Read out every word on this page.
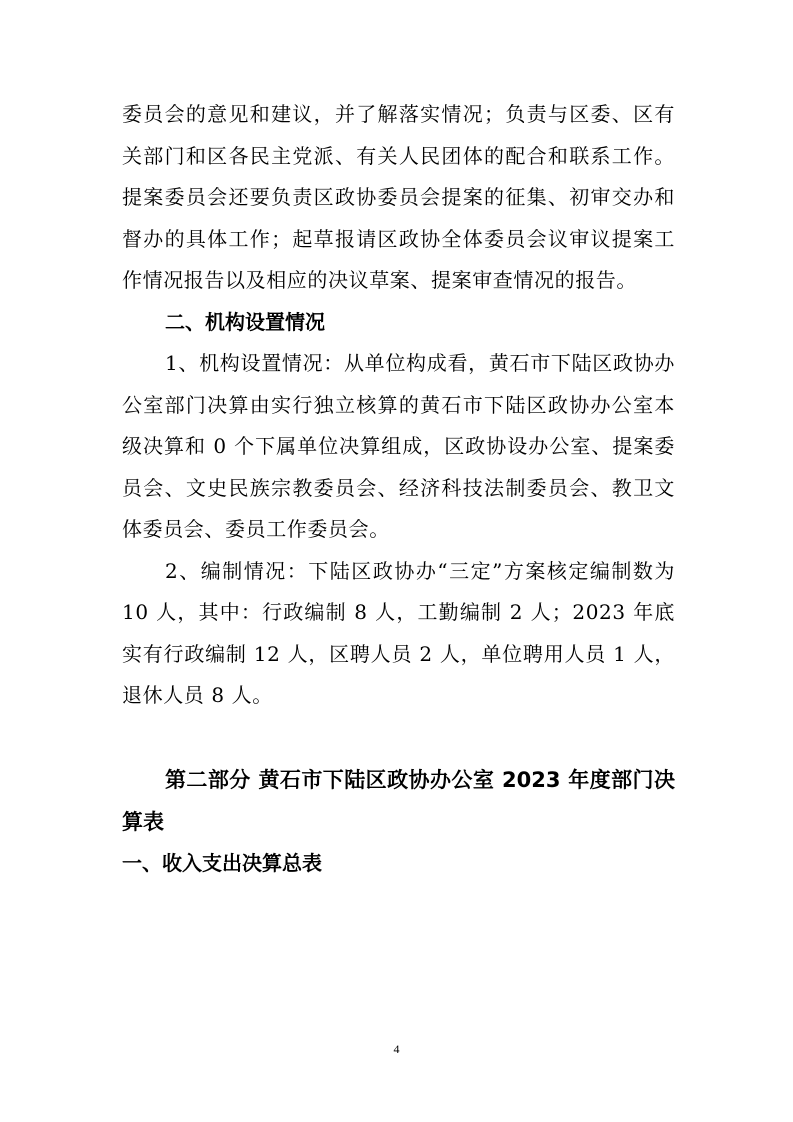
委员会的意见和建议，并了解落实情况；负责与区委、区有关部门和区各民主党派、有关人民团体的配合和联系工作。提案委员会还要负责区政协委员会提案的征集、初审交办和督办的具体工作；起草报请区政协全体委员会议审议提案工作情况报告以及相应的决议草案、提案审查情况的报告。

二、机构设置情况

1、机构设置情况：从单位构成看，黄石市下陆区政协办公室部门决算由实行独立核算的黄石市下陆区政协办公室本级决算和 0 个下属单位决算组成，区政协设办公室、提案委员会、文史民族宗教委员会、经济科技法制委员会、教卫文体委员会、委员工作委员会。

2、编制情况：下陆区政协办“三定”方案核定编制数为 10 人，其中：行政编制 8 人，工勤编制 2 人；2023 年底实有行政编制 12 人，区聘人员 2 人，单位聘用人员 1 人，退休人员 8 人。

第二部分 黄石市下陆区政协办公室 2023 年度部门决算表

一、收入支出决算总表

4
